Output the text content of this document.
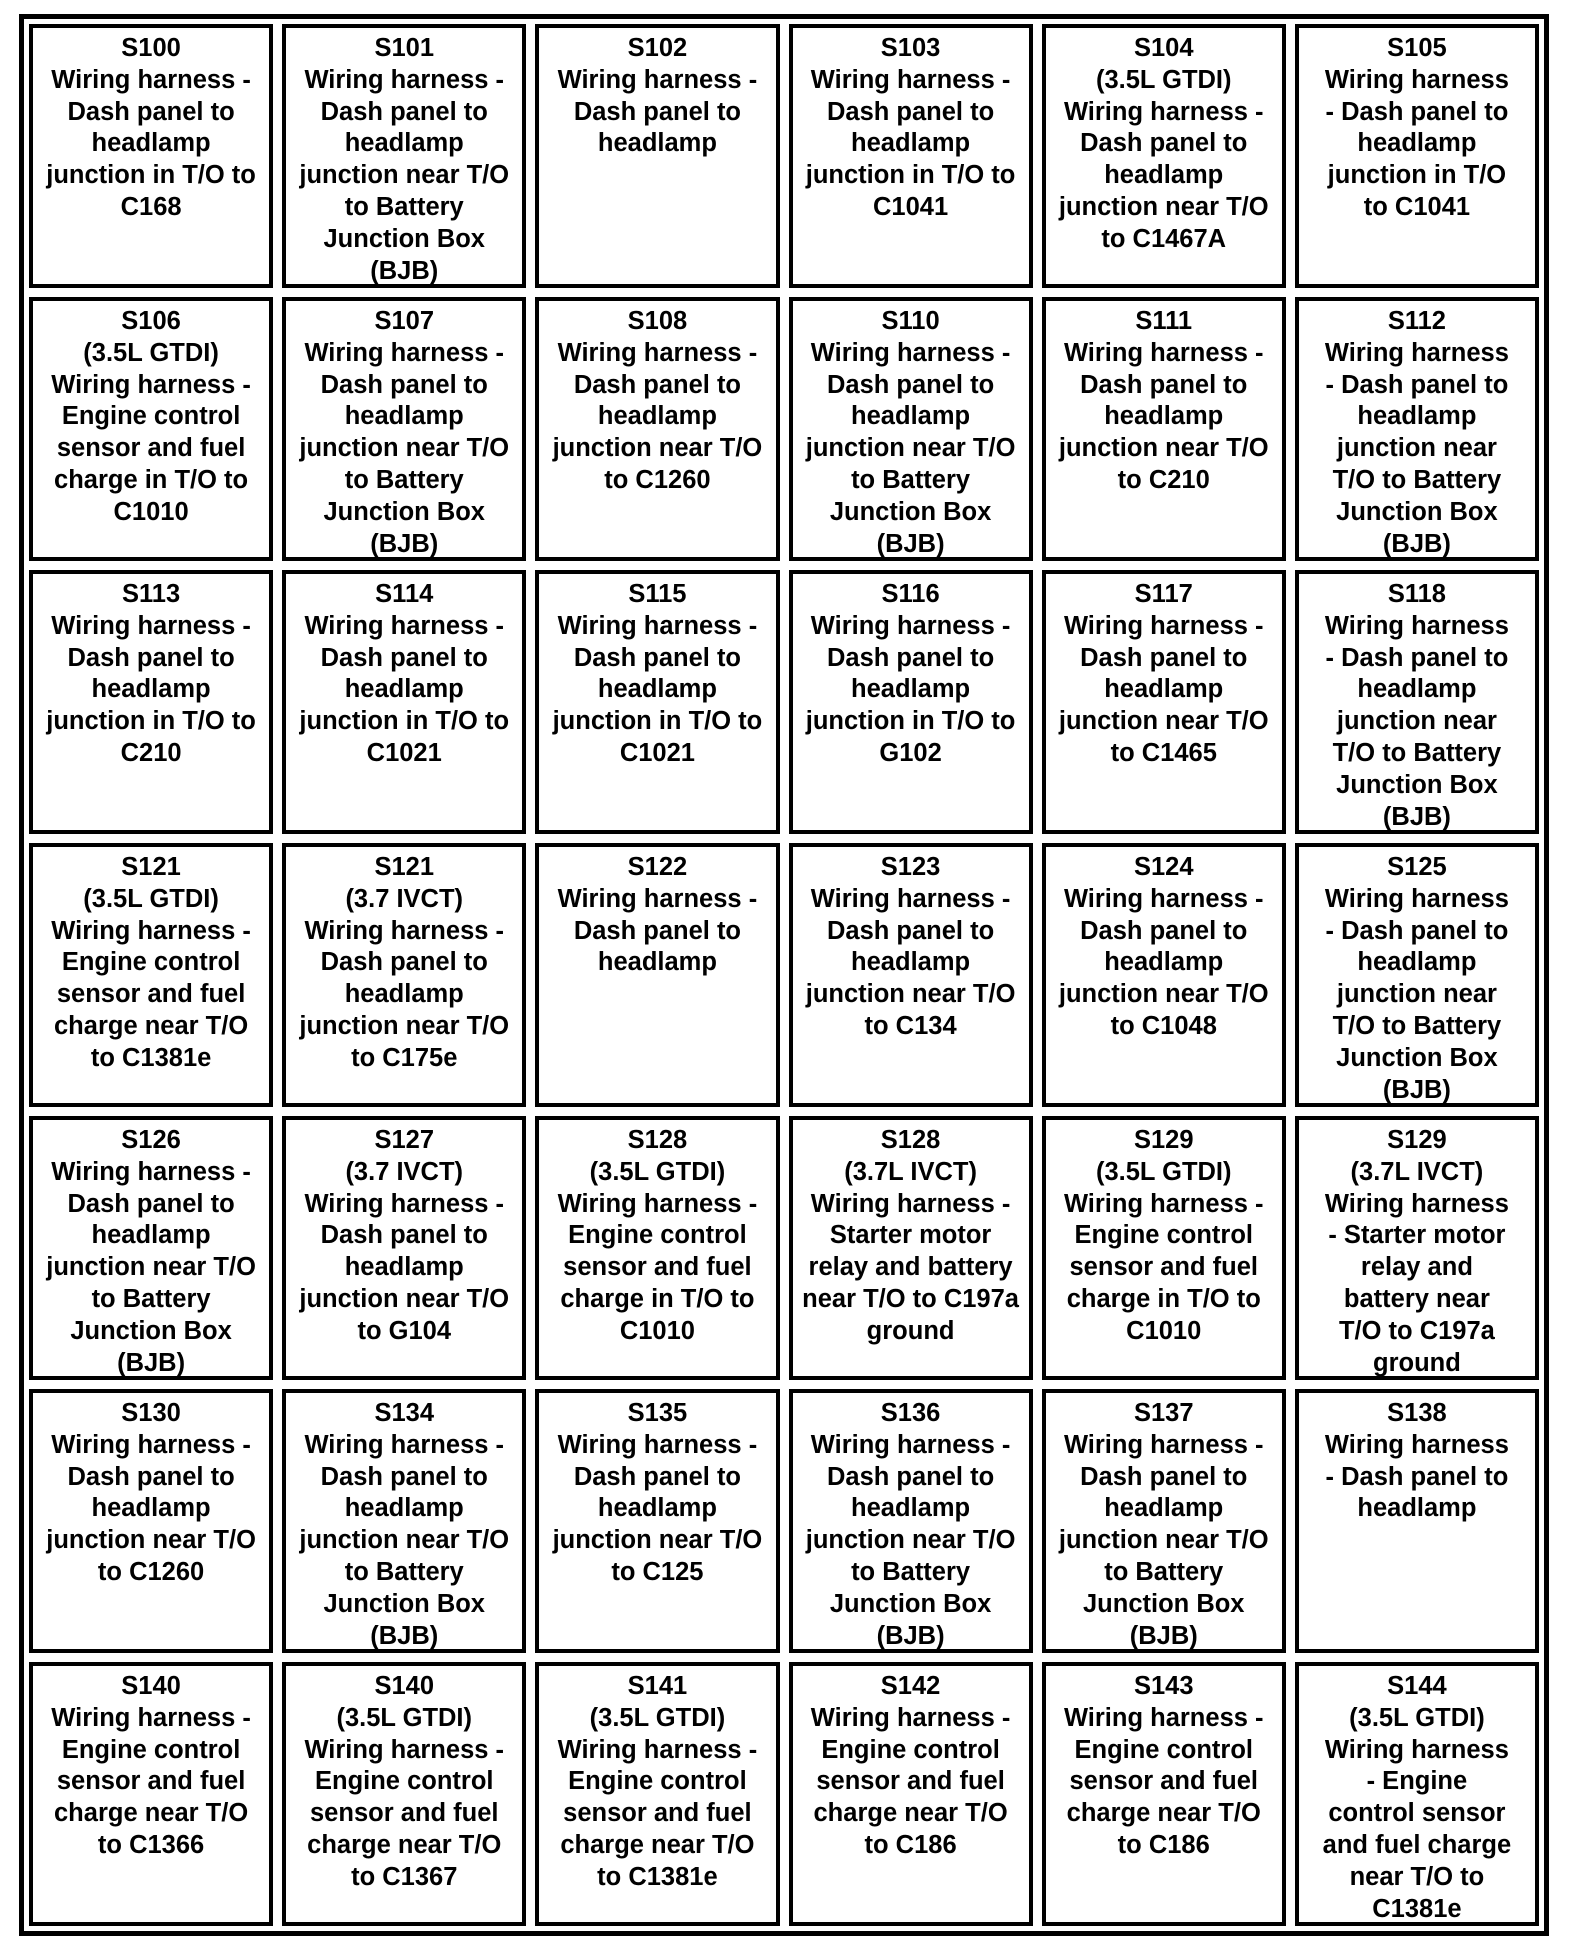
S100
Wiring harness -
Dash panel to
headlamp
junction in T/O to
C168
S101
Wiring harness -
Dash panel to
headlamp
junction near T/O
to Battery
Junction Box
(BJB)
S102
Wiring harness -
Dash panel to
headlamp
S103
Wiring harness -
Dash panel to
headlamp
junction in T/O to
C1041
S104
(3.5L GTDI)
Wiring harness -
Dash panel to
headlamp
junction near T/O
to C1467A
S105
Wiring harness
- Dash panel to
headlamp
junction in T/O
to C1041
S106
(3.5L GTDI)
Wiring harness -
Engine control
sensor and fuel
charge in T/O to
C1010
S107
Wiring harness -
Dash panel to
headlamp
junction near T/O
to Battery
Junction Box
(BJB)
S108
Wiring harness -
Dash panel to
headlamp
junction near T/O
to C1260
S110
Wiring harness -
Dash panel to
headlamp
junction near T/O
to Battery
Junction Box
(BJB)
S111
Wiring harness -
Dash panel to
headlamp
junction near T/O
to C210
S112
Wiring harness
- Dash panel to
headlamp
junction near
T/O to Battery
Junction Box
(BJB)
S113
Wiring harness -
Dash panel to
headlamp
junction in T/O to
C210
S114
Wiring harness -
Dash panel to
headlamp
junction in T/O to
C1021
S115
Wiring harness -
Dash panel to
headlamp
junction in T/O to
C1021
S116
Wiring harness -
Dash panel to
headlamp
junction in T/O to
G102
S117
Wiring harness -
Dash panel to
headlamp
junction near T/O
to C1465
S118
Wiring harness
- Dash panel to
headlamp
junction near
T/O to Battery
Junction Box
(BJB)
S121
(3.5L GTDI)
Wiring harness -
Engine control
sensor and fuel
charge near T/O
to C1381e
S121
(3.7 IVCT)
Wiring harness -
Dash panel to
headlamp
junction near T/O
to C175e
S122
Wiring harness -
Dash panel to
headlamp
S123
Wiring harness -
Dash panel to
headlamp
junction near T/O
to C134
S124
Wiring harness -
Dash panel to
headlamp
junction near T/O
to C1048
S125
Wiring harness
- Dash panel to
headlamp
junction near
T/O to Battery
Junction Box
(BJB)
S126
Wiring harness -
Dash panel to
headlamp
junction near T/O
to Battery
Junction Box
(BJB)
S127
(3.7 IVCT)
Wiring harness -
Dash panel to
headlamp
junction near T/O
to G104
S128
(3.5L GTDI)
Wiring harness -
Engine control
sensor and fuel
charge in T/O to
C1010
S128
(3.7L IVCT)
Wiring harness -
Starter motor
relay and battery
near T/O to C197a
ground
S129
(3.5L GTDI)
Wiring harness -
Engine control
sensor and fuel
charge in T/O to
C1010
S129
(3.7L IVCT)
Wiring harness
- Starter motor
relay and
battery near
T/O to C197a
ground
S130
Wiring harness -
Dash panel to
headlamp
junction near T/O
to C1260
S134
Wiring harness -
Dash panel to
headlamp
junction near T/O
to Battery
Junction Box
(BJB)
S135
Wiring harness -
Dash panel to
headlamp
junction near T/O
to C125
S136
Wiring harness -
Dash panel to
headlamp
junction near T/O
to Battery
Junction Box
(BJB)
S137
Wiring harness -
Dash panel to
headlamp
junction near T/O
to Battery
Junction Box
(BJB)
S138
Wiring harness
- Dash panel to
headlamp
S140
Wiring harness -
Engine control
sensor and fuel
charge near T/O
to C1366
S140
(3.5L GTDI)
Wiring harness -
Engine control
sensor and fuel
charge near T/O
to C1367
S141
(3.5L GTDI)
Wiring harness -
Engine control
sensor and fuel
charge near T/O
to C1381e
S142
Wiring harness -
Engine control
sensor and fuel
charge near T/O
to C186
S143
Wiring harness -
Engine control
sensor and fuel
charge near T/O
to C186
S144
(3.5L GTDI)
Wiring harness
- Engine
control sensor
and fuel charge
near T/O to
C1381e
